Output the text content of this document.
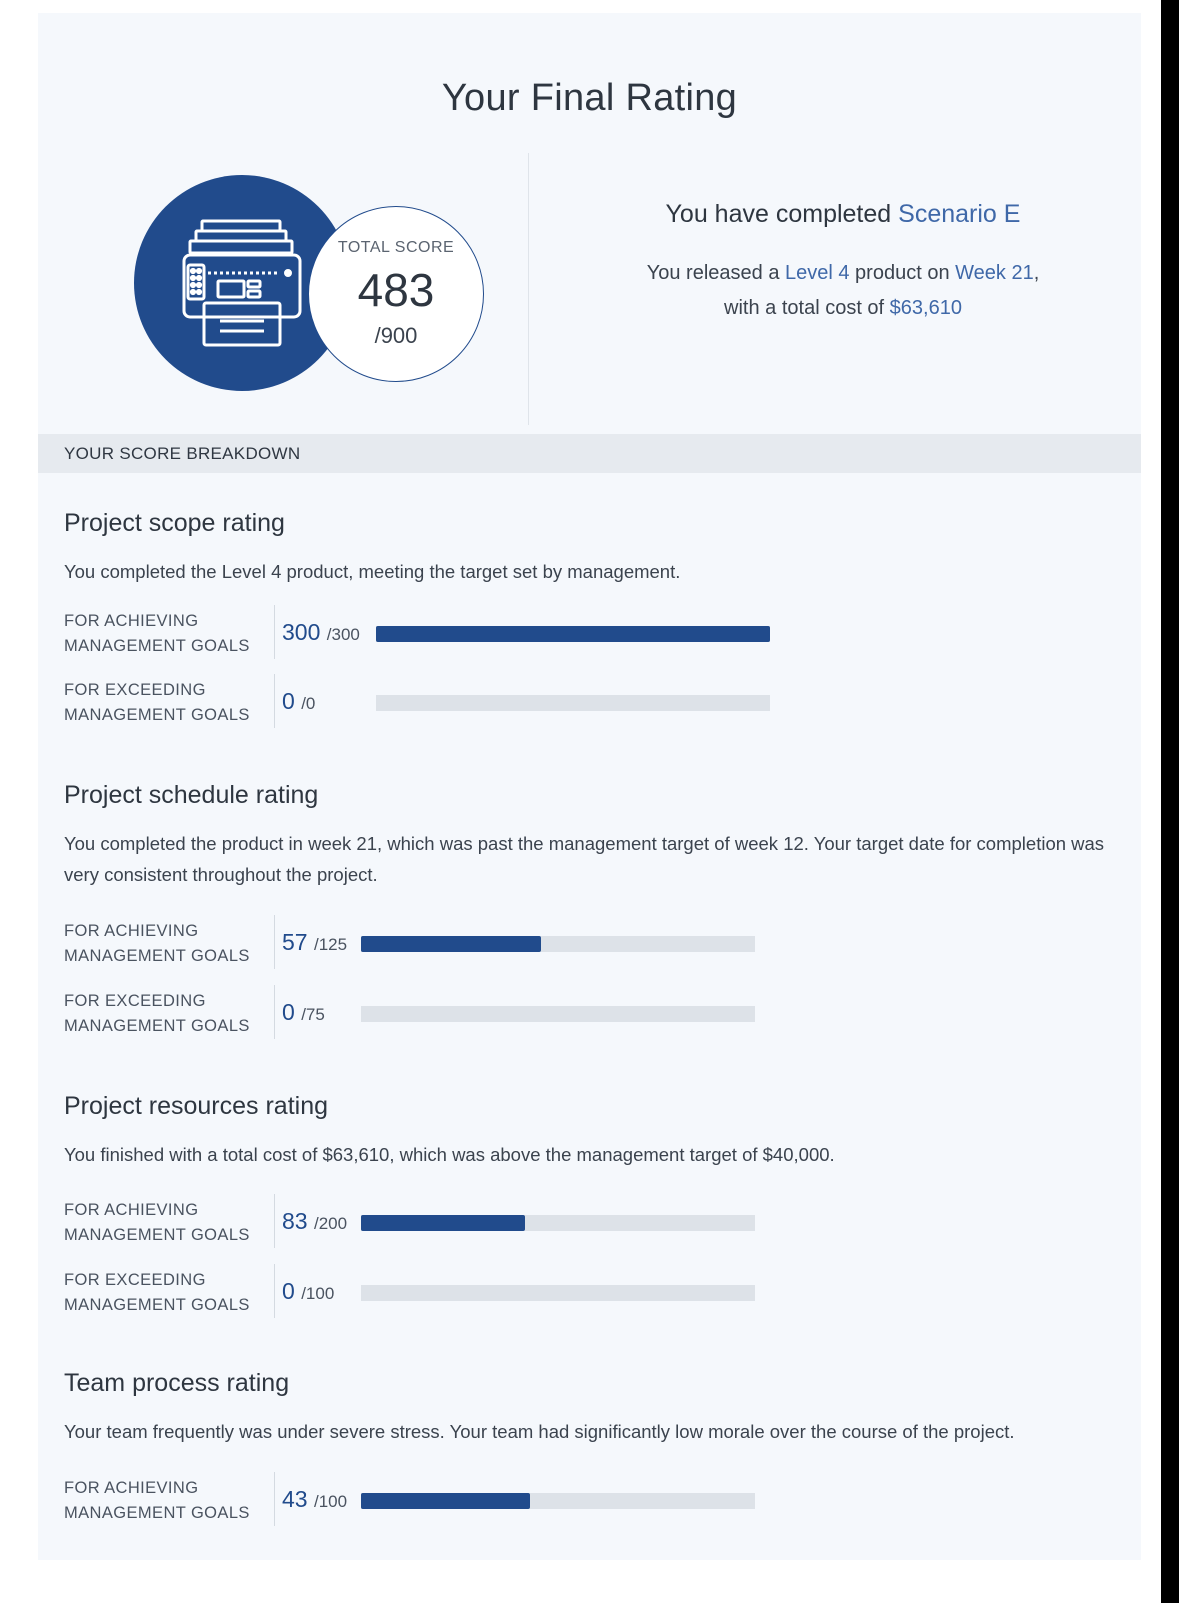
Your Final Rating
TOTAL SCORE
483
/900
You have completed Scenario E
You released a Level 4 product on Week 21,
with a total cost of $63,610
YOUR SCORE BREAKDOWN
Project scope rating
You completed the Level 4 product, meeting the target set by management.
FOR ACHIEVING
MANAGEMENT GOALS
300 /300
FOR EXCEEDING
MANAGEMENT GOALS
0 /0
Project schedule rating
You completed the product in week 21, which was past the management target of week 12. Your target date for completion was very consistent throughout the project.
FOR ACHIEVING
MANAGEMENT GOALS
57 /125
FOR EXCEEDING
MANAGEMENT GOALS
0 /75
Project resources rating
You finished with a total cost of $63,610, which was above the management target of $40,000.
FOR ACHIEVING
MANAGEMENT GOALS
83 /200
FOR EXCEEDING
MANAGEMENT GOALS
0 /100
Team process rating
Your team frequently was under severe stress. Your team had significantly low morale over the course of the project.
FOR ACHIEVING
MANAGEMENT GOALS
43 /100
